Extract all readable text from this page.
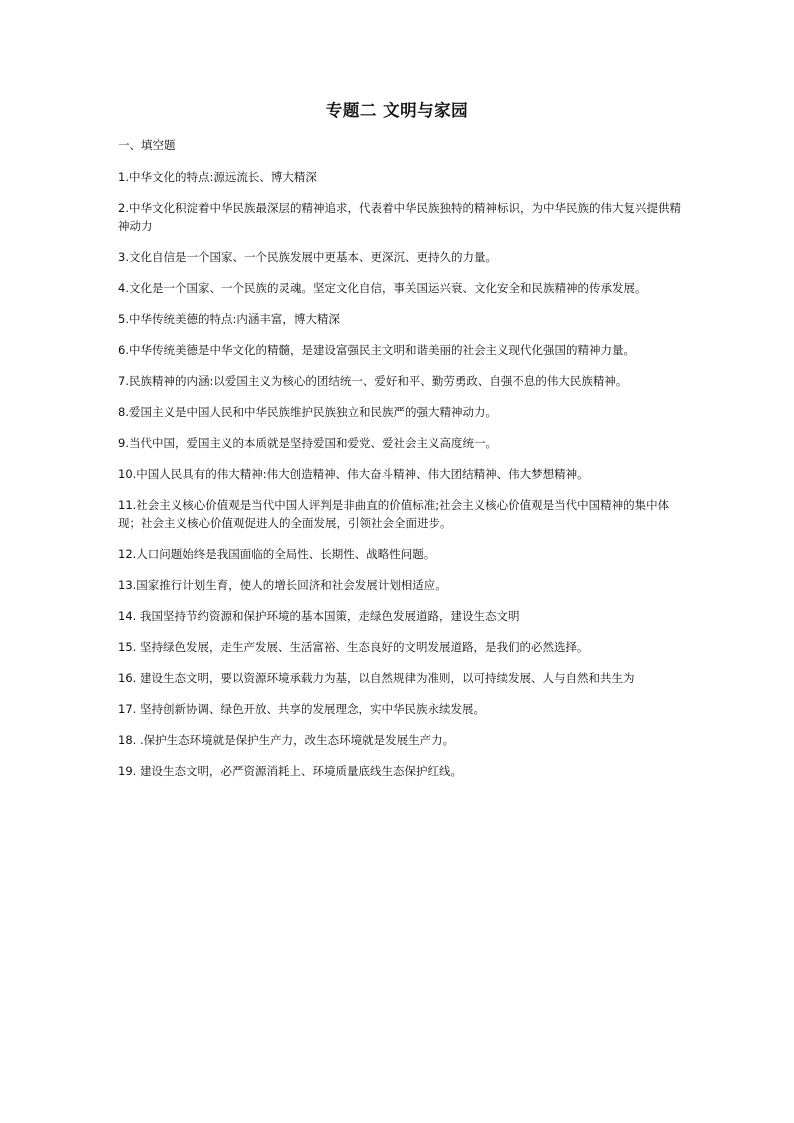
专题二 文明与家园

一、填空题

1.中华文化的特点:源远流长、博大精深
2.中华文化积淀着中华民族最深层的精神追求，代表着中华民族独特的精神标识，为中华民族的伟大复兴提供精神动力
3.文化自信是一个国家、一个民族发展中更基本、更深沉、更持久的力量。
4.文化是一个国家、一个民族的灵魂。坚定文化自信，事关国运兴衰、文化安全和民族精神的传承发展。
5.中华传统美德的特点:内涵丰富，博大精深
6.中华传统美德是中华文化的精髓，是建设富强民主文明和谐美丽的社会主义现代化强国的精神力量。
7.民族精神的内涵:以爱国主义为核心的团结统一、爱好和平、勤劳勇政、自强不息的伟大民族精神。
8.爱国主义是中国人民和中华民族维护民族独立和民族严的强大精神动力。
9.当代中国，爱国主义的本质就是坚持爱国和爱党、爱社会主义高度统一。
10.中国人民具有的伟大精神:伟大创造精神、伟大奋斗精神、伟大团结精神、伟大梦想精神。
11.社会主义核心价值观是当代中国人评判是非曲直的价值标准;社会主义核心价值观是当代中国精神的集中体现；社会主义核心价值观促进人的全面发展，引领社会全面进步。
12.人口问题始终是我国面临的全局性、长期性、战略性问题。
13.国家推行计划生育，使人的增长回济和社会发展计划相适应。
14. 我国坚持节约资源和保护环境的基本国策，走绿色发展道路，建设生态文明
15. 坚持绿色发展，走生产发展、生活富裕、生态良好的文明发展道路，是我们的必然选择。
16. 建设生态文明，要以资源环境承载力为基，以自然规律为准则，以可持续发展、人与自然和共生为
17. 坚持创新协调、绿色开放、共享的发展理念，实中华民族永续发展。
18. .保护生态环境就是保护生产力，改生态环境就是发展生产力。
19. 建设生态文明，必严资源消耗上、环境质量底线生态保护红线。
